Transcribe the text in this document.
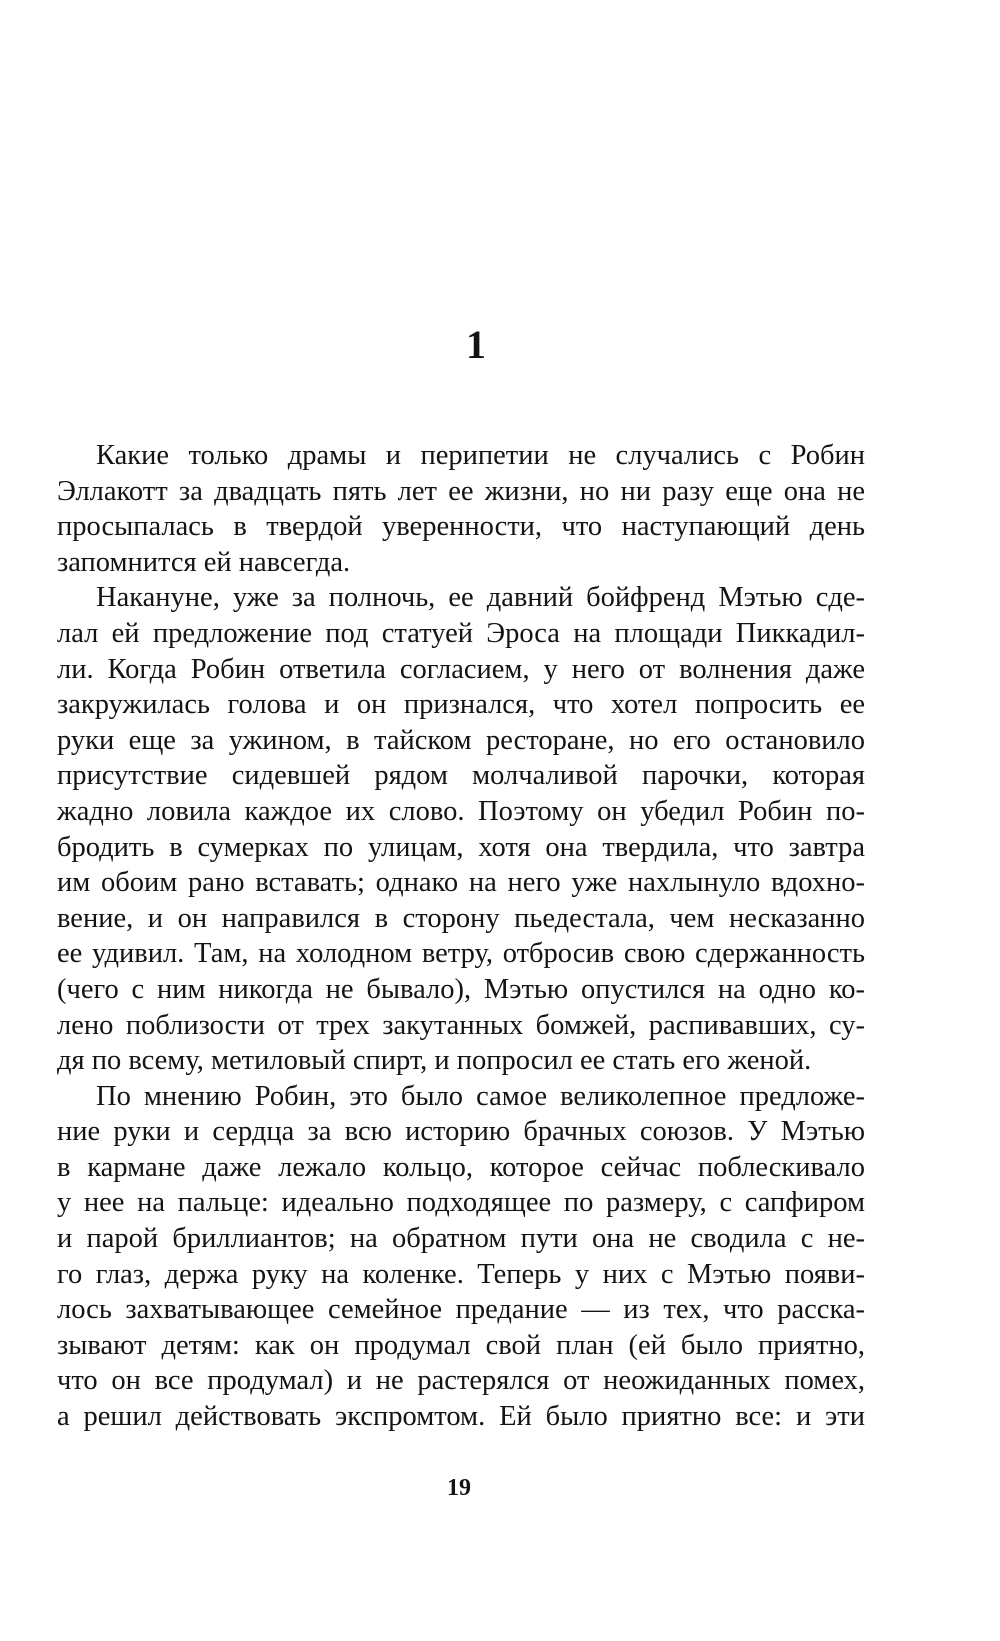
1
Какие только драмы и перипетии не случались с Робин
Эллакотт за двадцать пять лет ее жизни, но ни разу еще она не
просыпалась в твердой уверенности, что наступающий день
запомнится ей навсегда.
Накануне, уже за полночь, ее давний бойфренд Мэтью сде-
лал ей предложение под статуей Эроса на площади Пиккадил-
ли. Когда Робин ответила согласием, у него от волнения даже
закружилась голова и он признался, что хотел попросить ее
руки еще за ужином, в тайском ресторане, но его остановило
присутствие сидевшей рядом молчаливой парочки, которая
жадно ловила каждое их слово. Поэтому он убедил Робин по-
бродить в сумерках по улицам, хотя она твердила, что завтра
им обоим рано вставать; однако на него уже нахлынуло вдохно-
вение, и он направился в сторону пьедестала, чем несказанно
ее удивил. Там, на холодном ветру, отбросив свою сдержанность
(чего с ним никогда не бывало), Мэтью опустился на одно ко-
лено поблизости от трех закутанных бомжей, распивавших, су-
дя по всему, метиловый спирт, и попросил ее стать его женой.
По мнению Робин, это было самое великолепное предложе-
ние руки и сердца за всю историю брачных союзов. У Мэтью
в кармане даже лежало кольцо, которое сейчас поблескивало
у нее на пальце: идеально подходящее по размеру, с сапфиром
и парой бриллиантов; на обратном пути она не сводила с не-
го глаз, держа руку на коленке. Теперь у них с Мэтью появи-
лось захватывающее семейное предание — из тех, что расска-
зывают детям: как он продумал свой план (ей было приятно,
что он все продумал) и не растерялся от неожиданных помех,
а решил действовать экспромтом. Ей было приятно все: и эти
19
